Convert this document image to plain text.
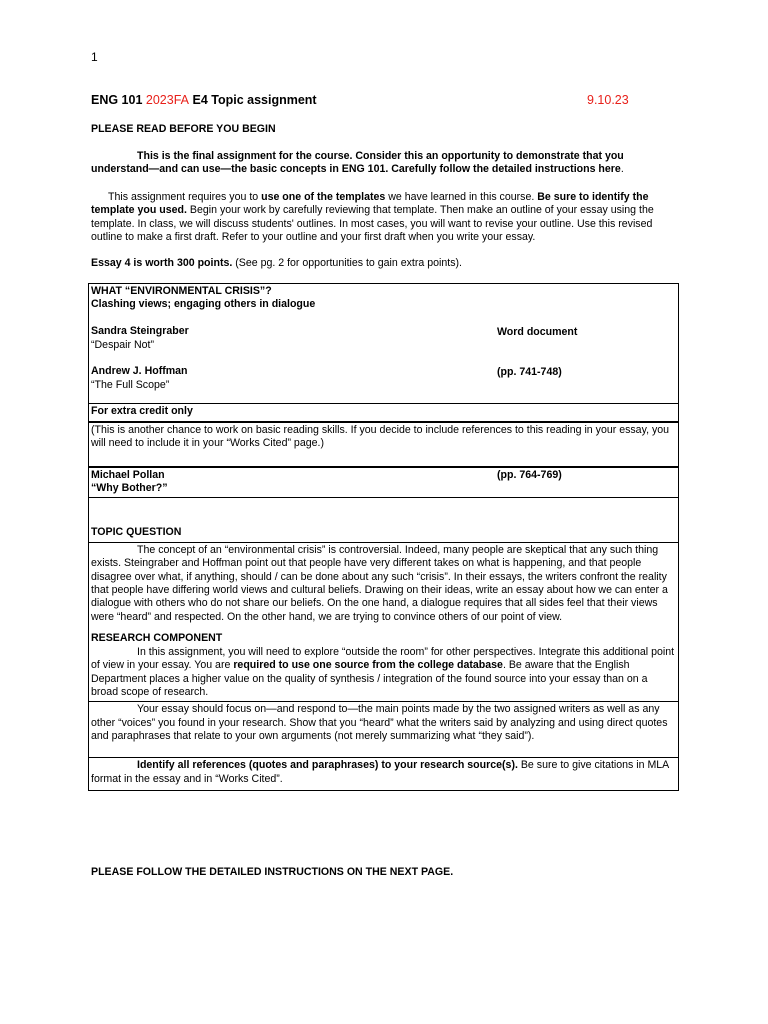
1
ENG 101 2023FA E4 Topic assignment	9.10.23
PLEASE READ BEFORE YOU BEGIN
This is the final assignment for the course. Consider this an opportunity to demonstrate that you understand—and can use—the basic concepts in ENG 101. Carefully follow the detailed instructions here.
This assignment requires you to use one of the templates we have learned in this course. Be sure to identify the template you used. Begin your work by carefully reviewing that template. Then make an outline of your essay using the template. In class, we will discuss students' outlines. In most cases, you will want to revise your outline. Use this revised outline to make a first draft. Refer to your outline and your first draft when you write your essay.
Essay 4 is worth 300 points. (See pg. 2 for opportunities to gain extra points).
WHAT “ENVIRONMENTAL CRISIS”?
Clashing views; engaging others in dialogue
Sandra Steingraber	Word document
“Despair Not”
Andrew J. Hoffman	(pp. 741-748)
“The Full Scope”
For extra credit only
(This is another chance to work on basic reading skills. If you decide to include references to this reading in your essay, you will need to include it in your “Works Cited” page.)
Michael Pollan	(pp. 764-769)
“Why Bother?”
TOPIC QUESTION
The concept of an “environmental crisis” is controversial. Indeed, many people are skeptical that any such thing exists. Steingraber and Hoffman point out that people have very different takes on what is happening, and that people disagree over what, if anything, should / can be done about any such “crisis”. In their essays, the writers confront the reality that people have differing world views and cultural beliefs. Drawing on their ideas, write an essay about how we can enter a dialogue with others who do not share our beliefs. On the one hand, a dialogue requires that all sides feel that their views were “heard” and respected. On the other hand, we are trying to convince others of our point of view.
RESEARCH COMPONENT
In this assignment, you will need to explore “outside the room” for other perspectives. Integrate this additional point of view in your essay. You are required to use one source from the college database. Be aware that the English Department places a higher value on the quality of synthesis / integration of the found source into your essay than on a broad scope of research.
Your essay should focus on—and respond to—the main points made by the two assigned writers as well as any other “voices” you found in your research. Show that you “heard” what the writers said by analyzing and using direct quotes and paraphrases that relate to your own arguments (not merely summarizing what “they said”).
Identify all references (quotes and paraphrases) to your research source(s). Be sure to give citations in MLA format in the essay and in “Works Cited”.
PLEASE FOLLOW THE DETAILED INSTRUCTIONS ON THE NEXT PAGE.
